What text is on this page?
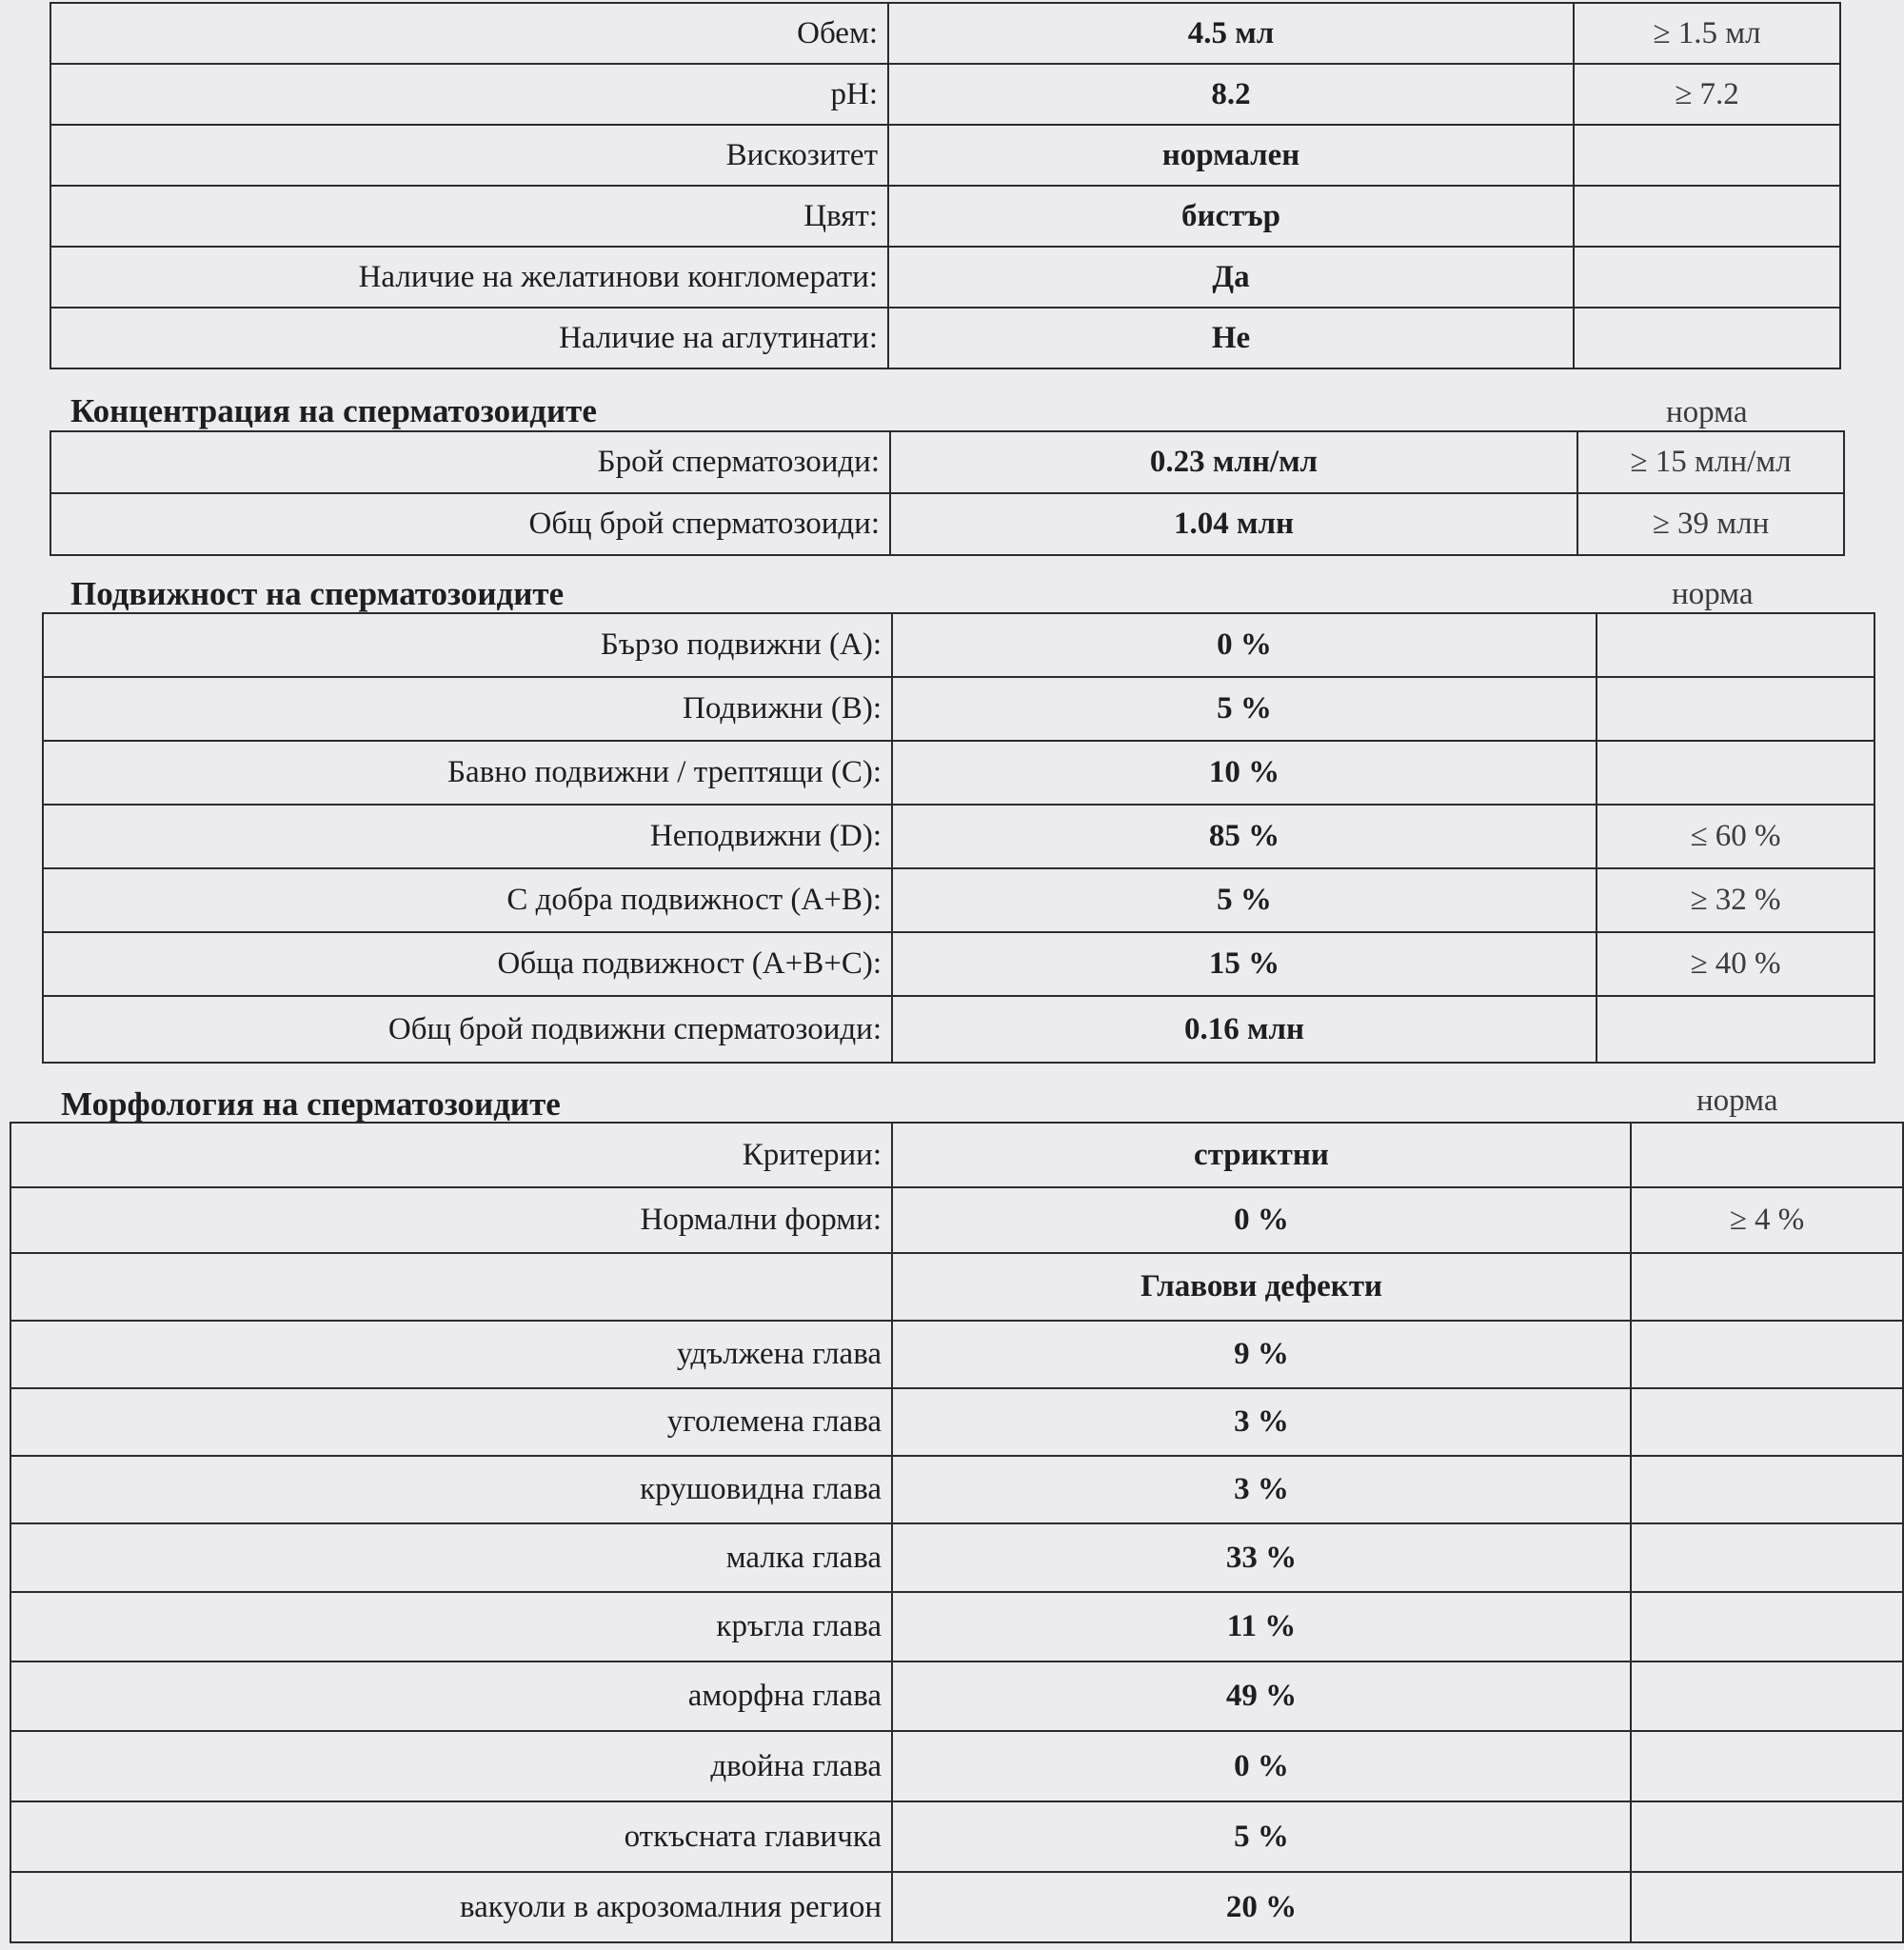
Обем:	4.5 мл	≥ 1.5 мл
pH:	8.2	≥ 7.2
Вискозитет	нормален	
Цвят:	бистър	
Наличие на желатинови конгломерати:	Да	
Наличие на аглутинати:	Не	
Концентрация на сперматозоидите	норма
Брой сперматозоиди:	0.23 млн/мл	≥ 15 млн/мл
Общ брой сперматозоиди:	1.04 млн	≥ 39 млн
Подвижност на сперматозоидите	норма
Бързо подвижни (A):	0 %	
Подвижни (B):	5 %	
Бавно подвижни / трептящи (C):	10 %	
Неподвижни (D):	85 %	≤ 60 %
С добра подвижност (A+B):	5 %	≥ 32 %
Обща подвижност (A+B+C):	15 %	≥ 40 %
Общ брой подвижни сперматозоиди:	0.16 млн	
Морфология на сперматозоидите	норма
Критерии:	стриктни	
Нормални форми:	0 %	≥ 4 %
	Главови дефекти	
удължена глава	9 %	
уголемена глава	3 %	
крушовидна глава	3 %	
малка глава	33 %	
кръгла глава	11 %	
аморфна глава	49 %	
двойна глава	0 %	
откъсната главичка	5 %	
вакуоли в акрозомалния регион	20 %	
